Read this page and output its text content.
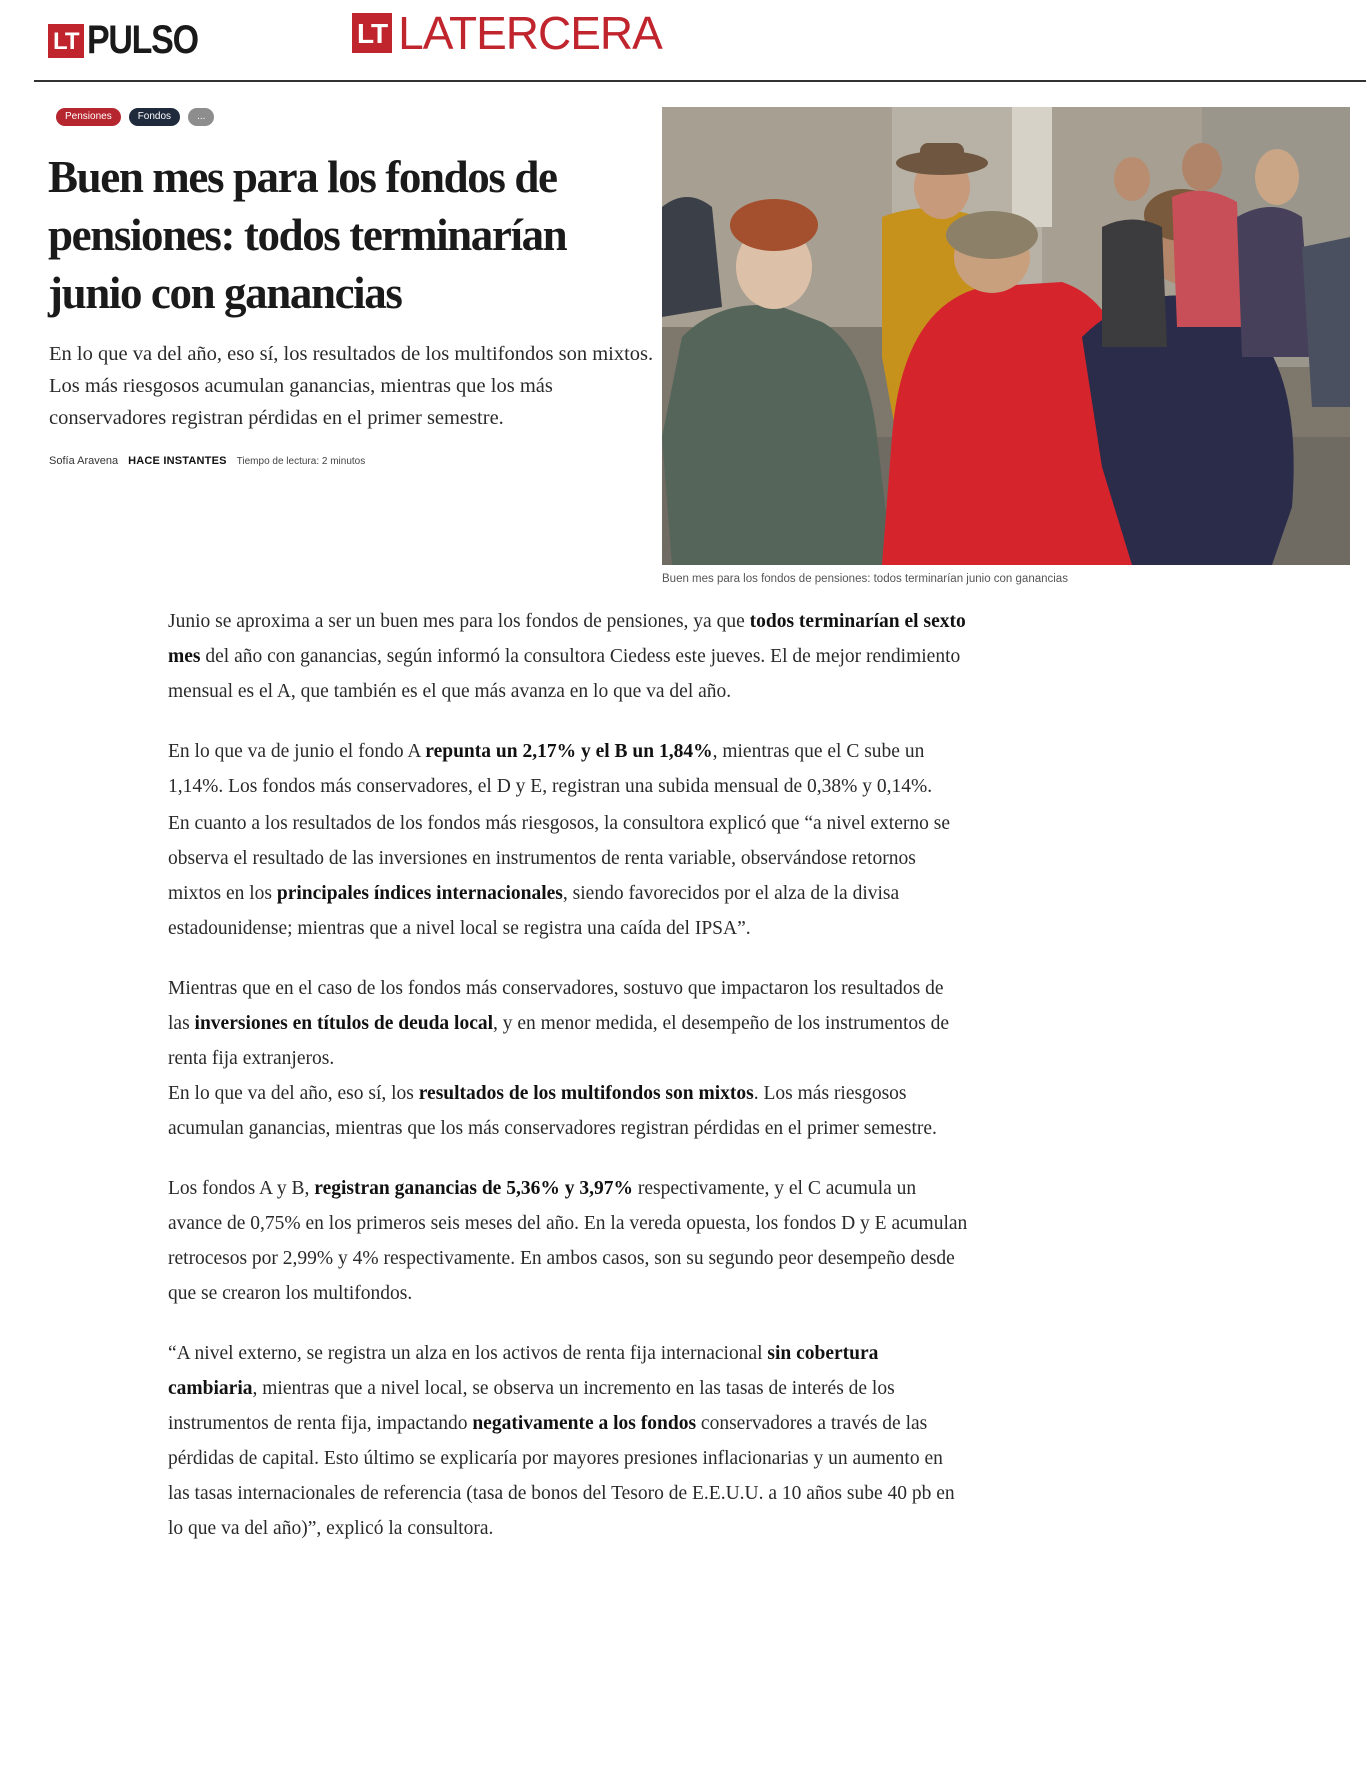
LT PULSO	LT LATERCERA
Pensiones	Fondos	...
Buen mes para los fondos de pensiones: todos terminarían junio con ganancias

En lo que va del año, eso sí, los resultados de los multifondos son mixtos. Los más riesgosos acumulan ganancias, mientras que los más conservadores registran pérdidas en el primer semestre.

Sofía Aravena HACE INSTANTES Tiempo de lectura: 2 minutos
Buen mes para los fondos de pensiones: todos terminarían junio con ganancias

Junio se aproxima a ser un buen mes para los fondos de pensiones, ya que todos terminarían el sexto mes del año con ganancias, según informó la consultora Ciedess este jueves. El de mejor rendimiento mensual es el A, que también es el que más avanza en lo que va del año.

En lo que va de junio el fondo A repunta un 2,17% y el B un 1,84%, mientras que el C sube un 1,14%. Los fondos más conservadores, el D y E, registran una subida mensual de 0,38% y 0,14%.

En cuanto a los resultados de los fondos más riesgosos, la consultora explicó que “a nivel externo se observa el resultado de las inversiones en instrumentos de renta variable, observándose retornos mixtos en los principales índices internacionales, siendo favorecidos por el alza de la divisa estadounidense; mientras que a nivel local se registra una caída del IPSA”.

Mientras que en el caso de los fondos más conservadores, sostuvo que impactaron los resultados de las inversiones en títulos de deuda local, y en menor medida, el desempeño de los instrumentos de renta fija extranjeros.

En lo que va del año, eso sí, los resultados de los multifondos son mixtos. Los más riesgosos acumulan ganancias, mientras que los más conservadores registran pérdidas en el primer semestre.

Los fondos A y B, registran ganancias de 5,36% y 3,97% respectivamente, y el C acumula un avance de 0,75% en los primeros seis meses del año. En la vereda opuesta, los fondos D y E acumulan retrocesos por 2,99% y 4% respectivamente. En ambos casos, son su segundo peor desempeño desde que se crearon los multifondos.

“A nivel externo, se registra un alza en los activos de renta fija internacional sin cobertura cambiaria, mientras que a nivel local, se observa un incremento en las tasas de interés de los instrumentos de renta fija, impactando negativamente a los fondos conservadores a través de las pérdidas de capital. Esto último se explicaría por mayores presiones inflacionarias y un aumento en las tasas internacionales de referencia (tasa de bonos del Tesoro de E.E.U.U. a 10 años sube 40 pb en lo que va del año)”, explicó la consultora.
